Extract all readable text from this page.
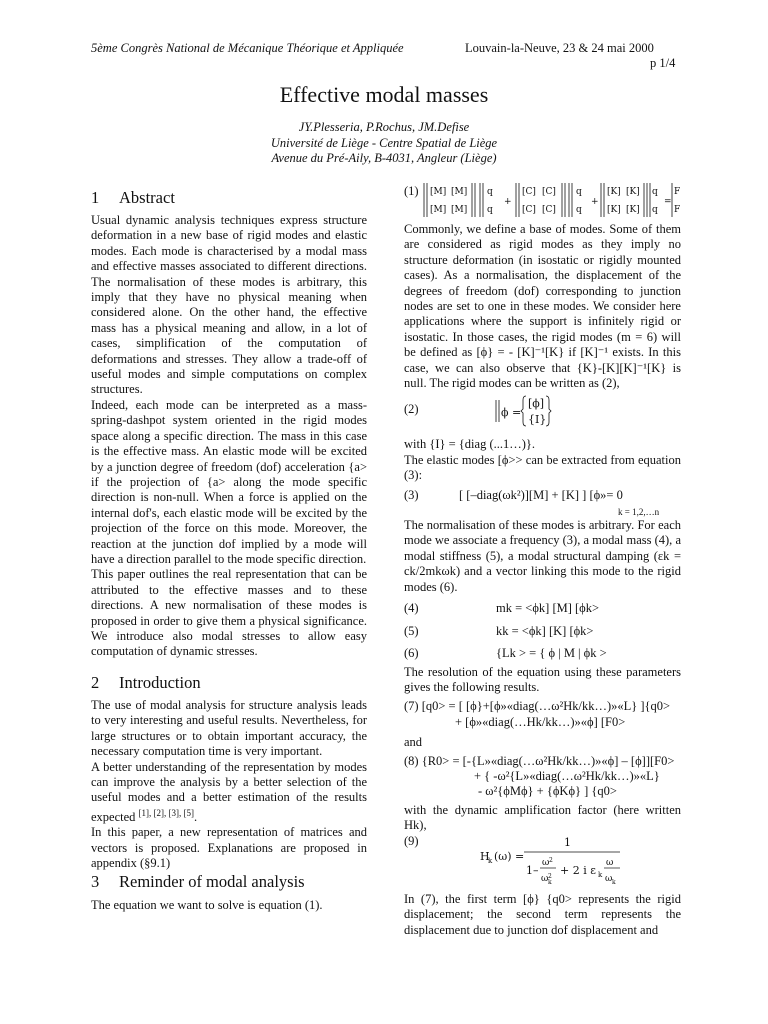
5ème Congrès National de Mécanique Théorique et Appliquée	Louvain-la-Neuve, 23 & 24 mai 2000
p 1/4
Effective modal masses
JY.Plesseria, P.Rochus, JM.Defise
Université de Liège - Centre Spatial de Liège
Avenue du Pré-Aily, B-4031, Angleur (Liège)
1 Abstract
Usual dynamic analysis techniques express structure deformation in a new base of rigid modes and elastic modes. Each mode is characterised by a modal mass and effective masses associated to different directions. The normalisation of these modes is arbitrary, this imply that they have no physical meaning when considered alone. On the other hand, the effective mass has a physical meaning and allow, in a lot of cases, simplification of the computation of deformations and stresses. They allow a trade-off of useful modes and simple computations on complex structures.
Indeed, each mode can be interpreted as a mass-spring-dashpot system oriented in the rigid modes space along a specific direction. The mass in this case is the effective mass. An elastic mode will be excited by a junction degree of freedom (dof) acceleration {a> if the projection of {a> along the mode specific direction is non-null. When a force is applied on the internal dof's, each elastic mode will be excited by the projection of the force on this mode. Moreover, the reaction at the junction dof implied by a mode will have a direction parallel to the mode specific direction.
This paper outlines the real representation that can be attributed to the effective masses and to these directions. A new normalisation of these modes is proposed in order to give them a physical significance. We introduce also modal stresses to allow easy computation of dynamic stresses.
2 Introduction
The use of modal analysis for structure analysis leads to very interesting and useful results. Nevertheless, for large structures or to obtain important accuracy, the necessary computation time is very important.
A better understanding of the representation by modes can improve the analysis by a better selection of the useful modes and a better estimation of the results expected [1], [2], [3], [5].
In this paper, a new representation of matrices and vectors is proposed. Explanations are proposed in appendix (§9.1)
3 Reminder of modal analysis
The equation we want to solve is equation (1).
(1) [M] [M]
[M] [M]
q
q
+
[C] [C]
[C] [C]
q
q
+
[K] [K]
[K] [K]
q
q
=
F
F
Commonly, we define a base of modes. Some of them are considered as rigid modes as they imply no structure deformation (in isostatic or rigidly mounted cases). As a normalisation, the displacement of the degrees of freedom (dof) corresponding to junction nodes are set to one in these modes. We consider here applications where the support is infinitely rigid or isostatic. In those cases, the rigid modes (m = 6) will be defined as [ϕ} = - [K]⁻¹[K} if [K]⁻¹ exists. In this case, we can also observe that {K}-[K][K]⁻¹[K} is null. The rigid modes can be written as (2),
(2)	ϕ =
[ϕ]
{I}
with {I} = {diag (...1…)}.
The elastic modes [ϕ>> can be extracted from equation (3):
(3)	[ [–diag(ωk²)][M] + [K] ] [ϕ»= 0
k = 1,2,…n
The normalisation of these modes is arbitrary. For each mode we associate a frequency (3), a modal mass (4), a modal stiffness (5), a modal structural damping (εk = ck/2mkωk) and a vector linking this mode to the rigid modes (6).
(4)	mk = <ϕk] [M] [ϕk>
(5)	kk = <ϕk] [K] [ϕk>
(6)	{Lk > = { ϕ | M | ϕk >
The resolution of the equation using these parameters gives the following results.
(7) [q0> = [ [ϕ}+[ϕ»«diag(…ω²Hk/kk…)»«L} ]{q0>
+ [ϕ»«diag(…Hk/kk…)»«ϕ] [F0>
and
(8) {R0> = [-{L»«diag(…ω²Hk/kk…)»«ϕ] – [ϕ]][F0>
+ { -ω²{L»«diag(…ω²Hk/kk…)»«L}
- ω²{ϕMϕ} + {ϕKϕ} ] {q0>
with the dynamic amplification factor (here written Hk),
(9)
H
k (ω) =
1
1–
ω 2
ω 2
k
+ 2 i ε k
ω
ω k
In (7), the first term [ϕ} {q0> represents the rigid displacement; the second term represents the displacement due to junction dof displacement and
